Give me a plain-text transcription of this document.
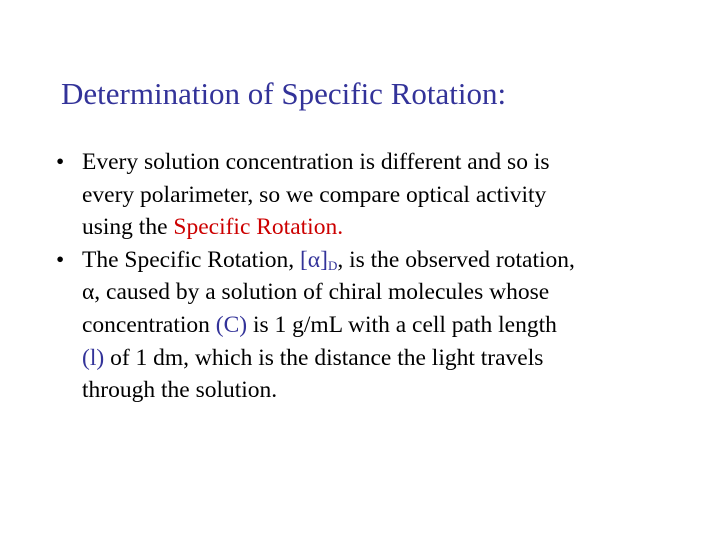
Determination of Specific Rotation:
• Every solution concentration is different and so is
every polarimeter, so we compare optical activity
using the Specific Rotation.
• The Specific Rotation, $[\alpha]_D$, is the observed rotation,
α, caused by a solution of chiral molecules whose
concentration (C) is 1 g/mL with a cell path length
(l) of 1 dm, which is the distance the light travels
through the solution.
